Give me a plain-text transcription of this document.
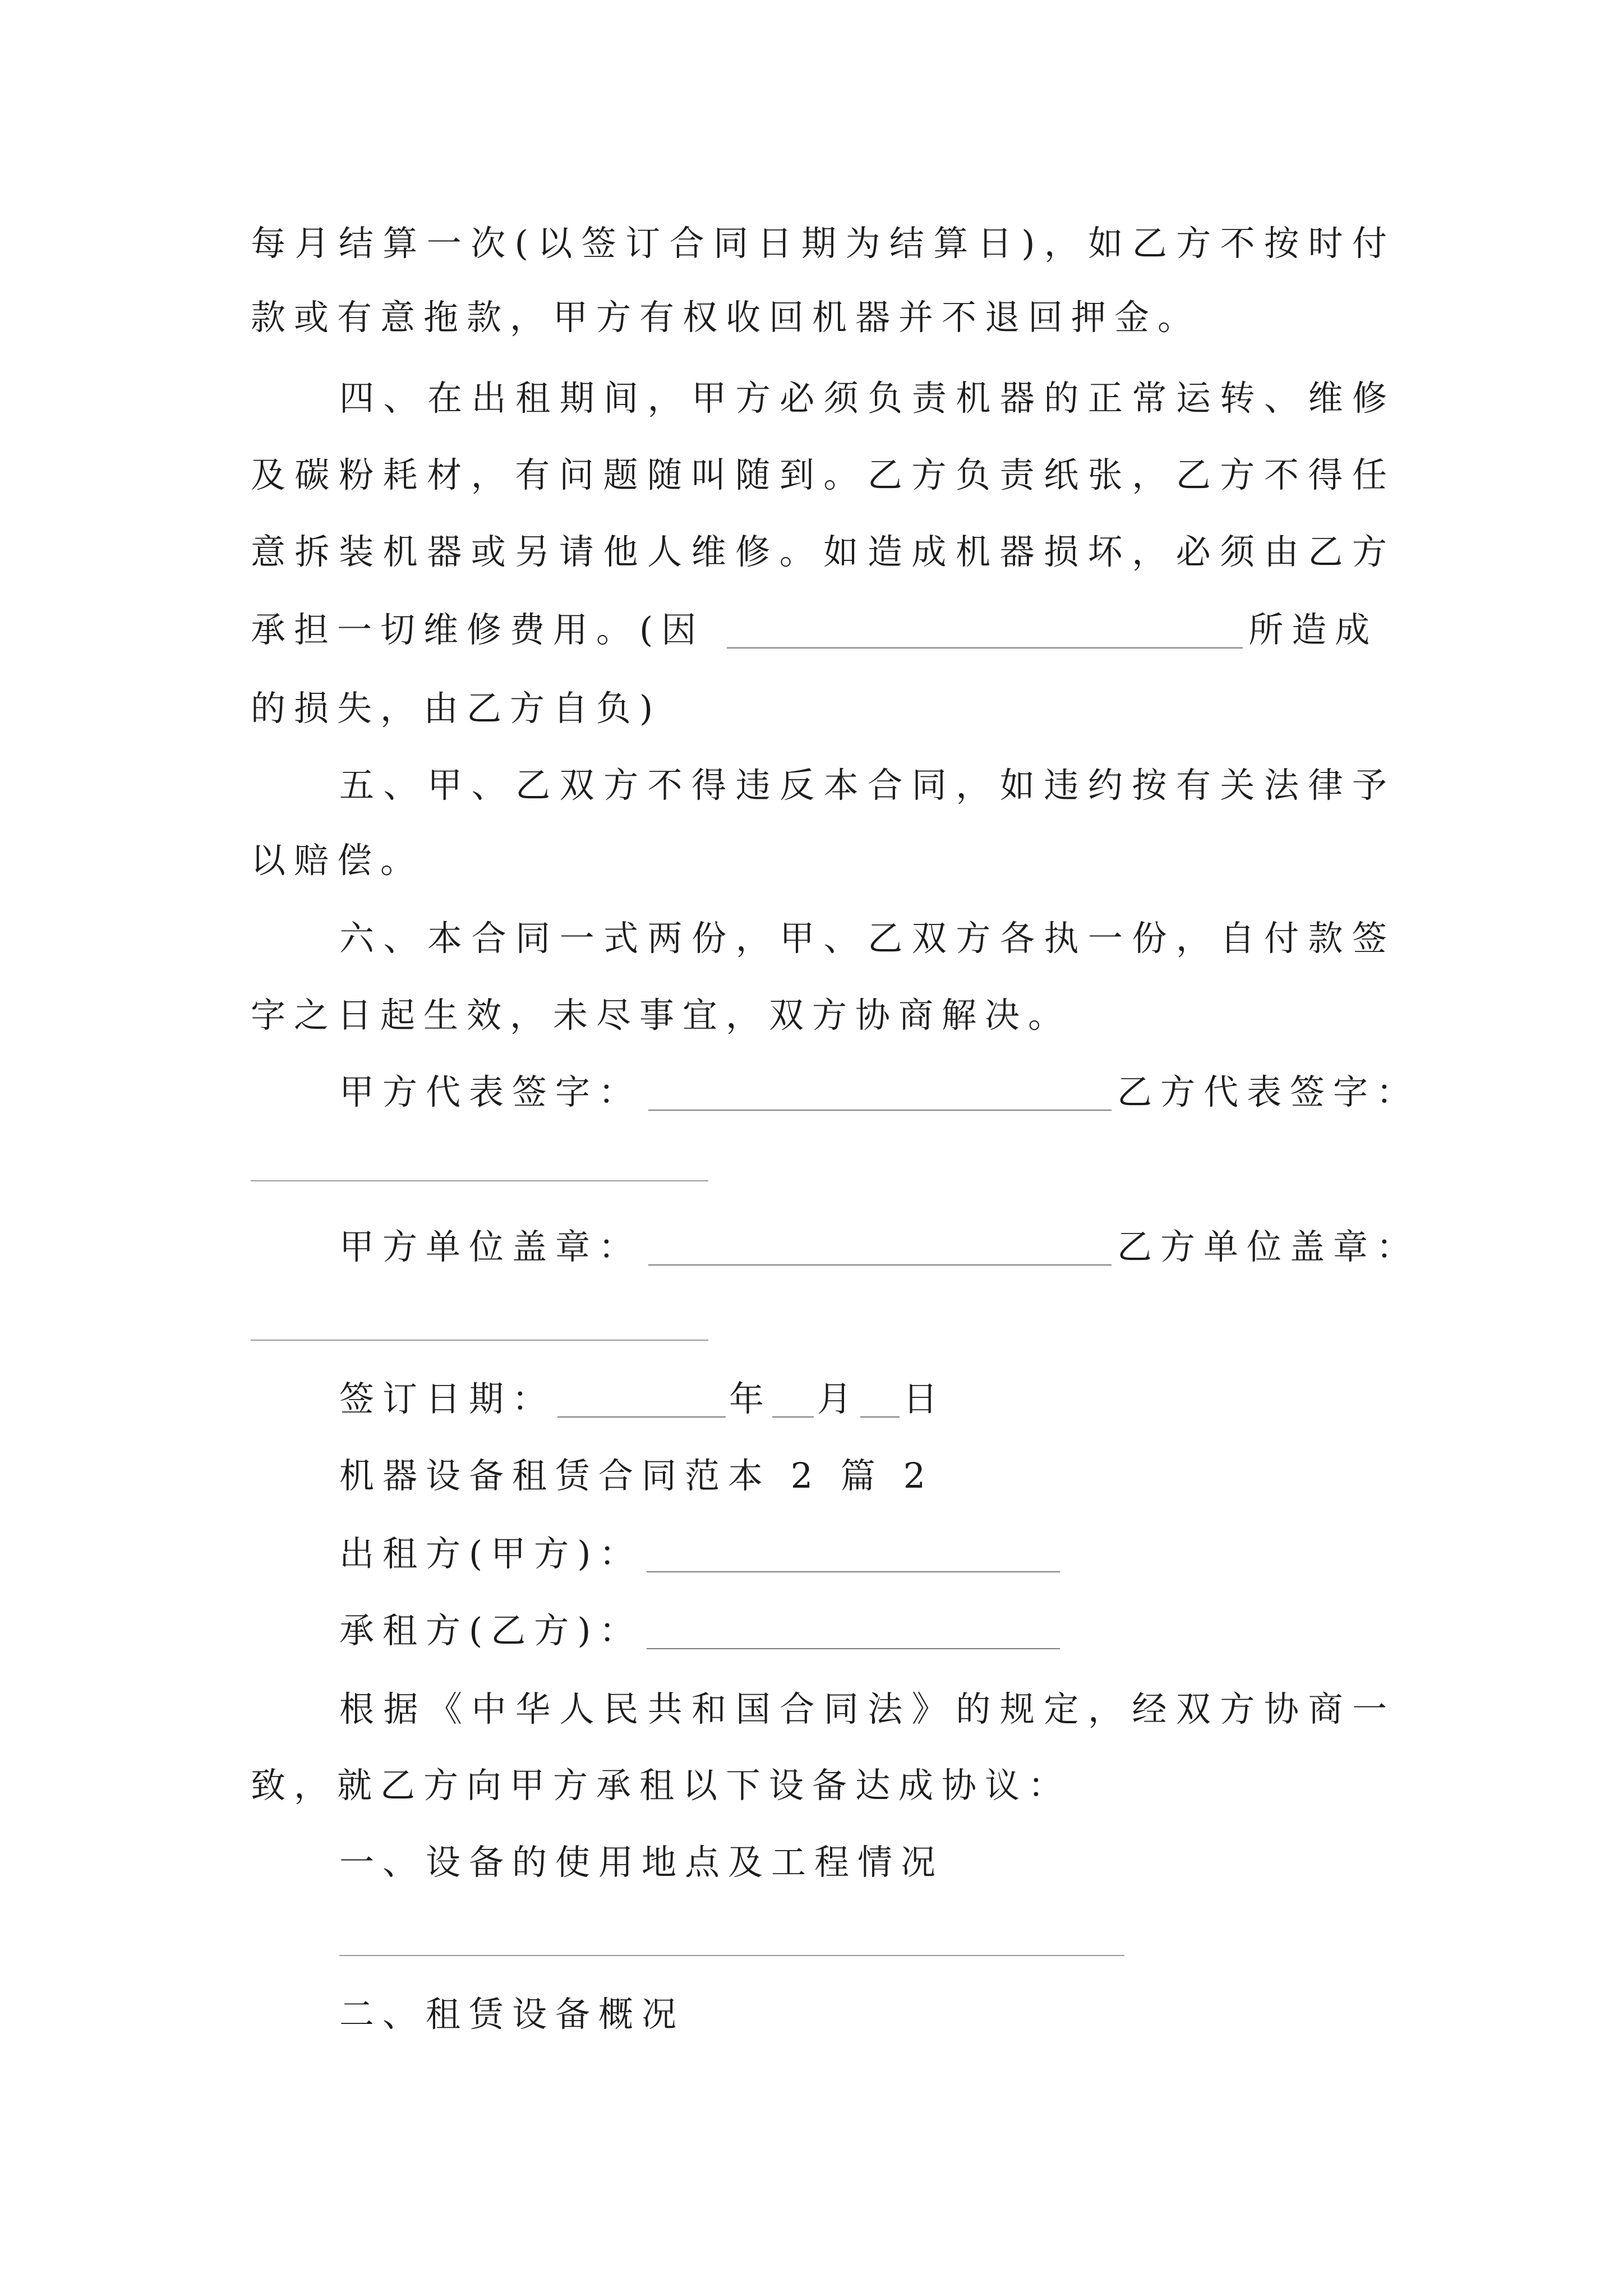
每月结算一次(以签订合同日期为结算日)，如乙方不按时付
款或有意拖款，甲方有权收回机器并不退回押金。
四、在出租期间，甲方必须负责机器的正常运转、维修
及碳粉耗材，有问题随叫随到。乙方负责纸张，乙方不得任
意拆装机器或另请他人维修。如造成机器损坏，必须由乙方
承担一切维修费用。(因	所造成
的损失，由乙方自负)
五、甲、乙双方不得违反本合同，如违约按有关法律予
以赔偿。
六、本合同一式两份，甲、乙双方各执一份，自付款签
字之日起生效，未尽事宜，双方协商解决。
甲方代表签字：	乙方代表签字：
甲方单位盖章：	乙方单位盖章：
签订日期：	年 月 日
机器设备租赁合同范本 2 篇 2
出租方(甲方)：
承租方(乙方)：
根据《中华人民共和国合同法》的规定，经双方协商一
致，就乙方向甲方承租以下设备达成协议：
一、设备的使用地点及工程情况
二、租赁设备概况
